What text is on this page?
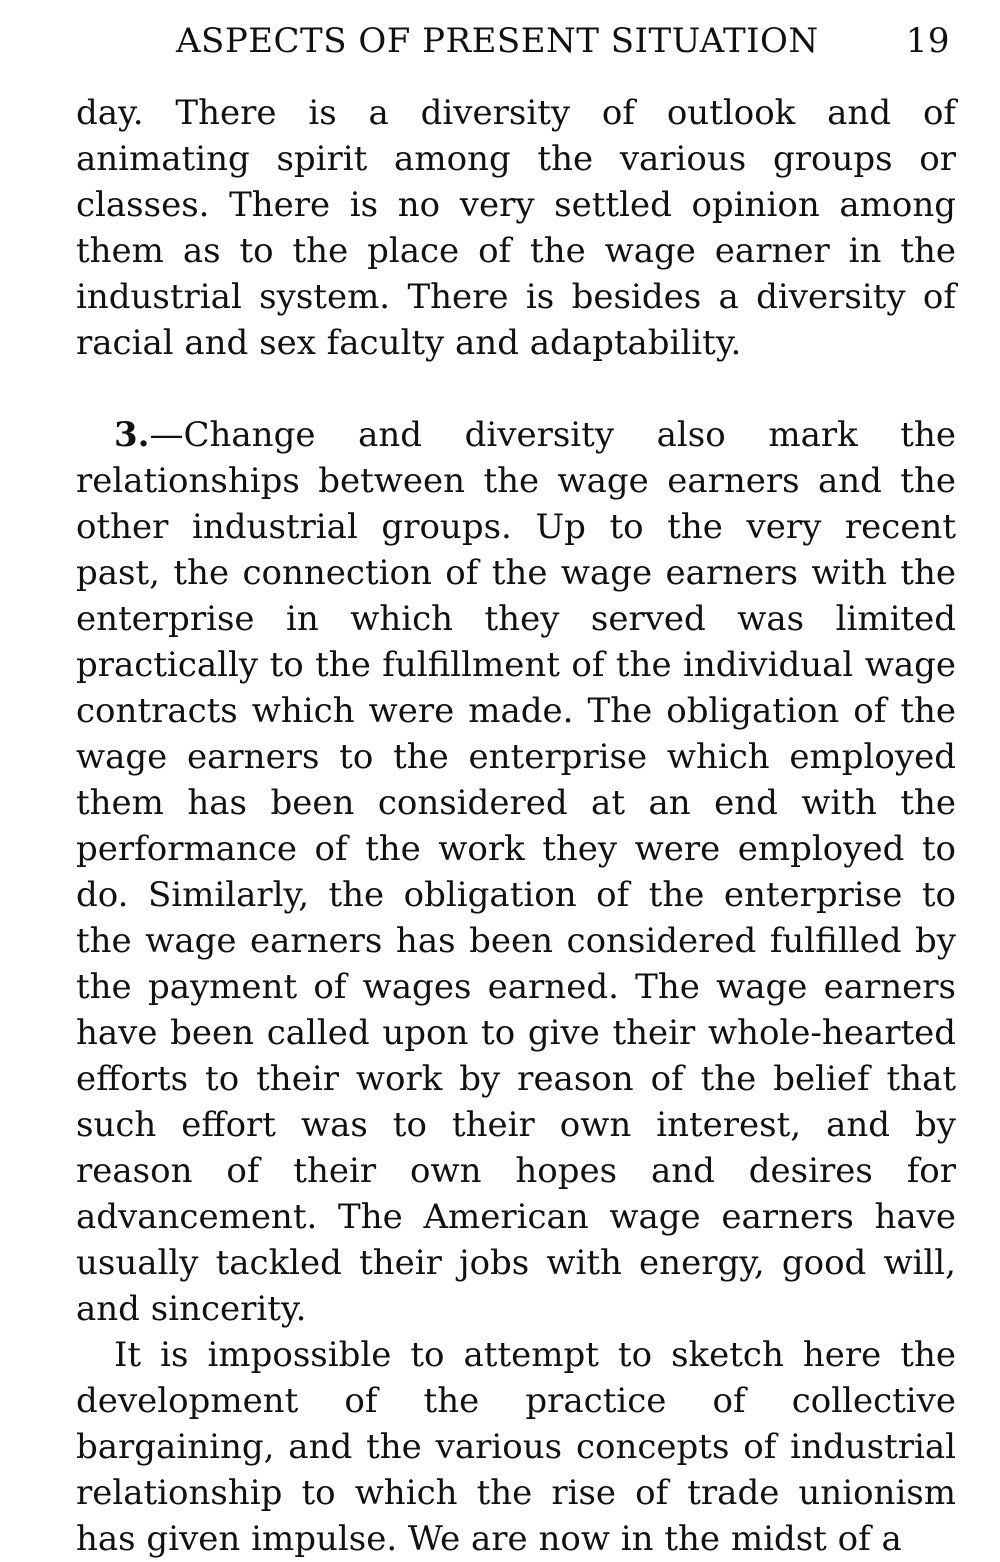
ASPECTS OF PRESENT SITUATION	19

day. There is a diversity of outlook and of animating spirit among the various groups or classes. There is no very settled opinion among them as to the place of the wage earner in the industrial system. There is besides a diversity of racial and sex faculty and adaptability.

3.—Change and diversity also mark the relationships between the wage earners and the other industrial groups. Up to the very recent past, the connection of the wage earners with the enterprise in which they served was limited practically to the fulfillment of the individual wage contracts which were made. The obligation of the wage earners to the enterprise which employed them has been considered at an end with the performance of the work they were employed to do. Similarly, the obligation of the enterprise to the wage earners has been considered fulfilled by the payment of wages earned. The wage earners have been called upon to give their whole-hearted efforts to their work by reason of the belief that such effort was to their own interest, and by reason of their own hopes and desires for advancement. The American wage earners have usually tackled their jobs with energy, good will, and sincerity.

It is impossible to attempt to sketch here the development of the practice of collective bargaining, and the various concepts of industrial relationship to which the rise of trade unionism has given impulse. We are now in the midst of a
